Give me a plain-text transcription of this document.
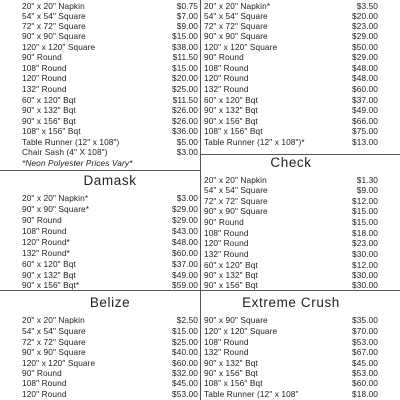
20" x 20" Napkin	$0.75
54" x 54" Square	$7.00
72" x 72" Square	$9.00
90" x 90" Square	$15.00
120" x 120" Square	$38.00
90" Round	$11.50
108" Round	$15.00
120" Round	$20.00
132" Round	$25.00
60" x 120" Bqt	$11.50
90" x 132" Bqt	$26.00
90" x 156" Bqt	$26.00
108" x 156" Bqt	$36.00
Table Runner (12" x 108")	$5.00
Chair Sash (4" X 108")	$3.00
*Neon Polyester Prices Vary*
Damask
20" x 20" Napkin*	$3.00
90" x 90" Square*	$29.00
90" Round	$29.00
108" Round	$43.00
120" Round*	$48.00
132" Round*	$60.00
60" x 120" Bqt	$37.00
90" x 132" Bqt	$49.00
90" x 156" Bqt*	$59.00
Belize
20" x 20" Napkin	$2.50
54" x 54" Square	$15.00
72" x 72" Square	$25.00
90" x 90" Square	$40.00
120" x 120" Square	$60.00
90" Round	$32.00
108" Round	$45.00
120" Round	$53.00
20" x 20" Napkin*	$3.50
54" x 54" Square	$20.00
72" x 72" Square	$23.00
90" x 90" Square	$29.00
120" x 120" Square	$50.00
90" Round	$29.00
108" Round	$48.00
120" Round	$48.00
132" Round	$60.00
60" x 120" Bqt	$37.00
90" x 132" Bqt	$49.00
90" x 156" Bqt	$66.00
108" x 156" Bqt	$75.00
Table Runner (12" x 108")*	$13.00
Check
20" x 20" Napkin	$1.30
54" x 54" Square	$9.00
72" x 72" Square	$12.00
90" x 90" Square	$15.00
90" Round	$15.00
108" Round	$18.00
120" Round	$23.00
132" Round	$30.00
60" x 120" Bqt	$12.00
90" x 132" Bqt	$30.00
90" x 156" Bqt	$30.00
Extreme Crush
90" x 90" Square	$35.00
120" x 120" Square	$70.00
108" Round	$53.00
132" Round	$67.00
90" x 132" Bqt	$45.00
90" x 156" Bqt	$53.00
108" x 156" Bqt	$60.00
Table Runner (12" x 108"	$18.00
